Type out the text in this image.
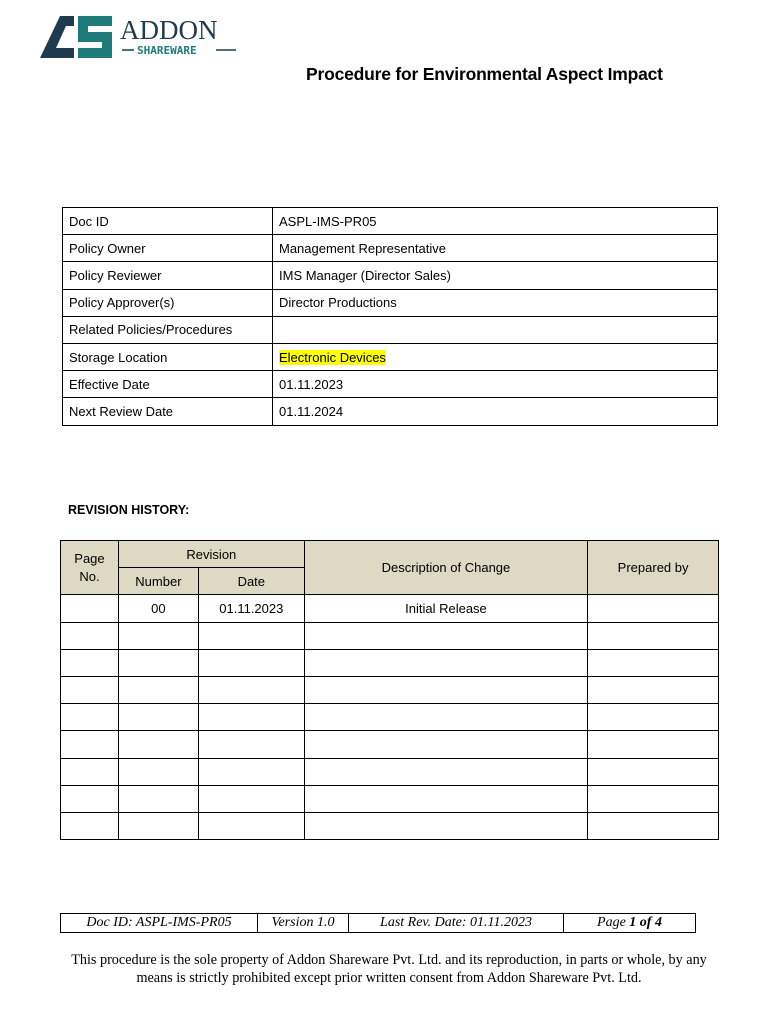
ADDON
SHAREWARE
Procedure for Environmental Aspect Impact
Doc ID	ASPL-IMS-PR05
Policy Owner	Management Representative
Policy Reviewer	IMS Manager (Director Sales)
Policy Approver(s)	Director Productions
Related Policies/Procedures	
Storage Location	Electronic Devices
Effective Date	01.11.2023
Next Review Date	01.11.2024
REVISION HISTORY:
Page No.	Revision		Description of Change	Prepared by
	Number	Date		
	00	01.11.2023	Initial Release	

Doc ID: ASPL-IMS-PR05	Version 1.0	Last Rev. Date: 01.11.2023	Page 1 of 4
This procedure is the sole property of Addon Shareware Pvt. Ltd. and its reproduction, in parts or whole, by any means is strictly prohibited except prior written consent from Addon Shareware Pvt. Ltd.
